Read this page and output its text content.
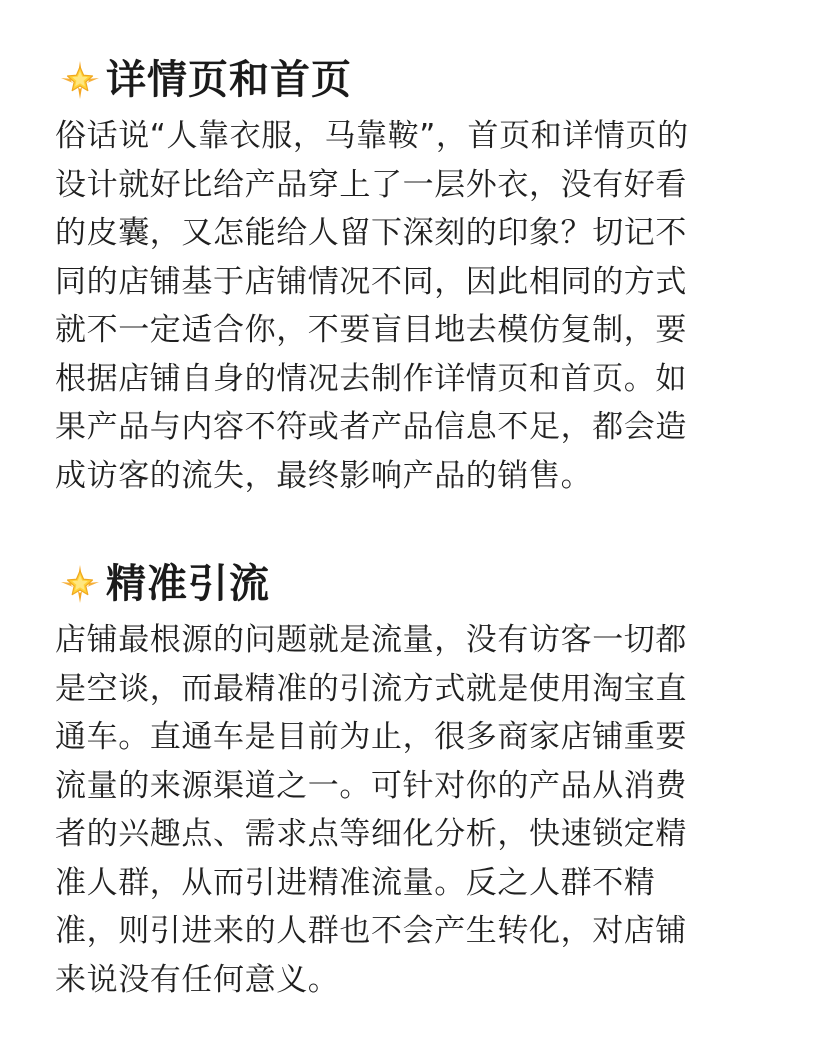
详情页和首页

俗话说“人靠衣服，马靠鞍”，首页和详情页的
设计就好比给产品穿上了一层外衣，没有好看
的皮囊，又怎能给人留下深刻的印象？切记不
同的店铺基于店铺情况不同，因此相同的方式
就不一定适合你，不要盲目地去模仿复制，要
根据店铺自身的情况去制作详情页和首页。如
果产品与内容不符或者产品信息不足，都会造
成访客的流失，最终影响产品的销售。

精准引流

店铺最根源的问题就是流量，没有访客一切都
是空谈，而最精准的引流方式就是使用淘宝直
通车。直通车是目前为止，很多商家店铺重要
流量的来源渠道之一。可针对你的产品从消费
者的兴趣点、需求点等细化分析，快速锁定精
准人群，从而引进精准流量。反之人群不精
准，则引进来的人群也不会产生转化，对店铺
来说没有任何意义。
